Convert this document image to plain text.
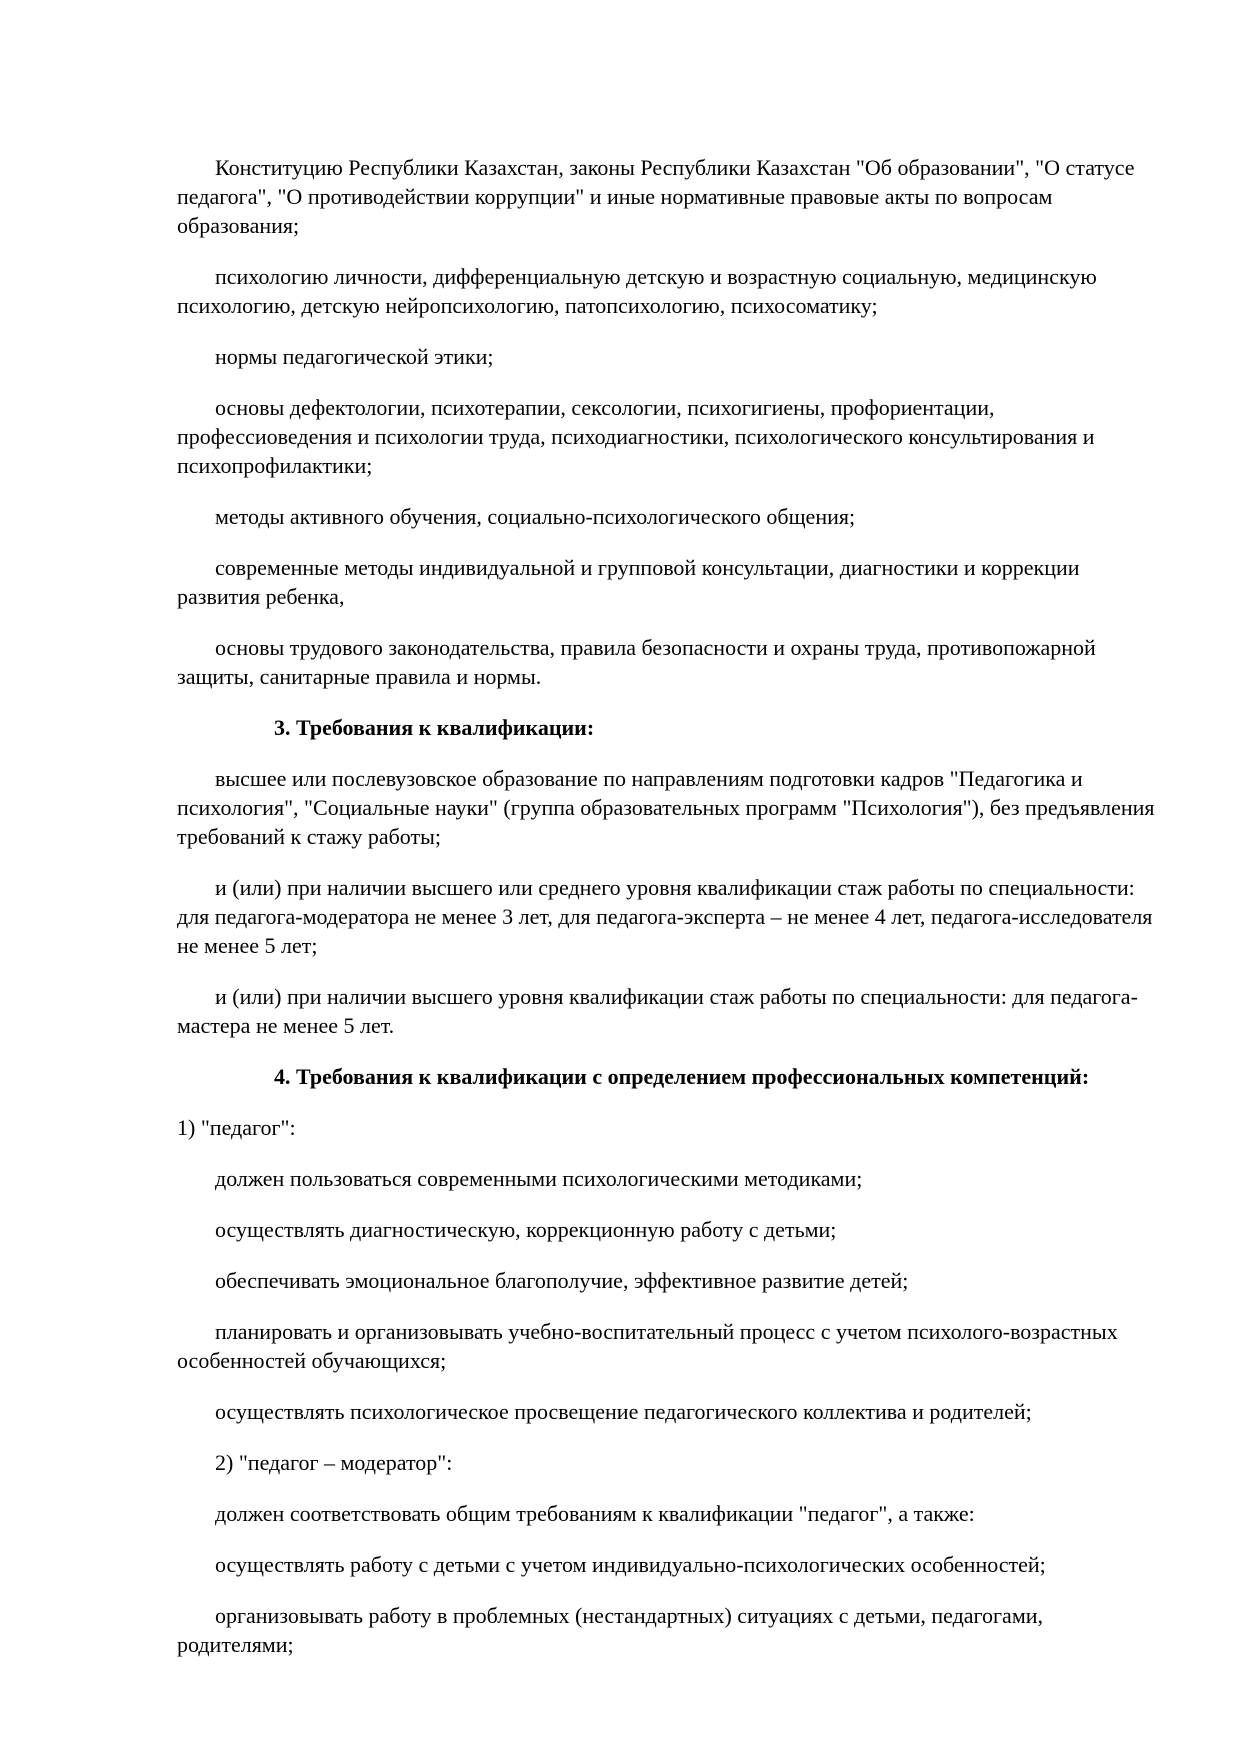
Конституцию Республики Казахстан, законы Республики Казахстан "Об образовании", "О статусе педагога", "О противодействии коррупции" и иные нормативные правовые акты по вопросам образования;

психологию личности, дифференциальную детскую и возрастную социальную, медицинскую психологию, детскую нейропсихологию, патопсихологию, психосоматику;

нормы педагогической этики;

основы дефектологии, психотерапии, сексологии, психогигиены, профориентации, профессиоведения и психологии труда, психодиагностики, психологического консультирования и психопрофилактики;

методы активного обучения, социально-психологического общения;

современные методы индивидуальной и групповой консультации, диагностики и коррекции развития ребенка,

основы трудового законодательства, правила безопасности и охраны труда, противопожарной защиты, санитарные правила и нормы.

3. Требования к квалификации:

высшее или послевузовское образование по направлениям подготовки кадров "Педагогика и психология", "Социальные науки" (группа образовательных программ "Психология"), без предъявления требований к стажу работы;

и (или) при наличии высшего или среднего уровня квалификации стаж работы по специальности: для педагога-модератора не менее 3 лет, для педагога-эксперта – не менее 4 лет, педагога-исследователя не менее 5 лет;

и (или) при наличии высшего уровня квалификации стаж работы по специальности: для педагога-мастера не менее 5 лет.

4. Требования к квалификации с определением профессиональных компетенций:

1) "педагог":

должен пользоваться современными психологическими методиками;

осуществлять диагностическую, коррекционную работу с детьми;

обеспечивать эмоциональное благополучие, эффективное развитие детей;

планировать и организовывать учебно-воспитательный процесс с учетом психолого-возрастных особенностей обучающихся;

осуществлять психологическое просвещение педагогического коллектива и родителей;

2) "педагог – модератор":

должен соответствовать общим требованиям к квалификации "педагог", а также:

осуществлять работу с детьми с учетом индивидуально-психологических особенностей;

организовывать работу в проблемных (нестандартных) ситуациях с детьми, педагогами, родителями;
